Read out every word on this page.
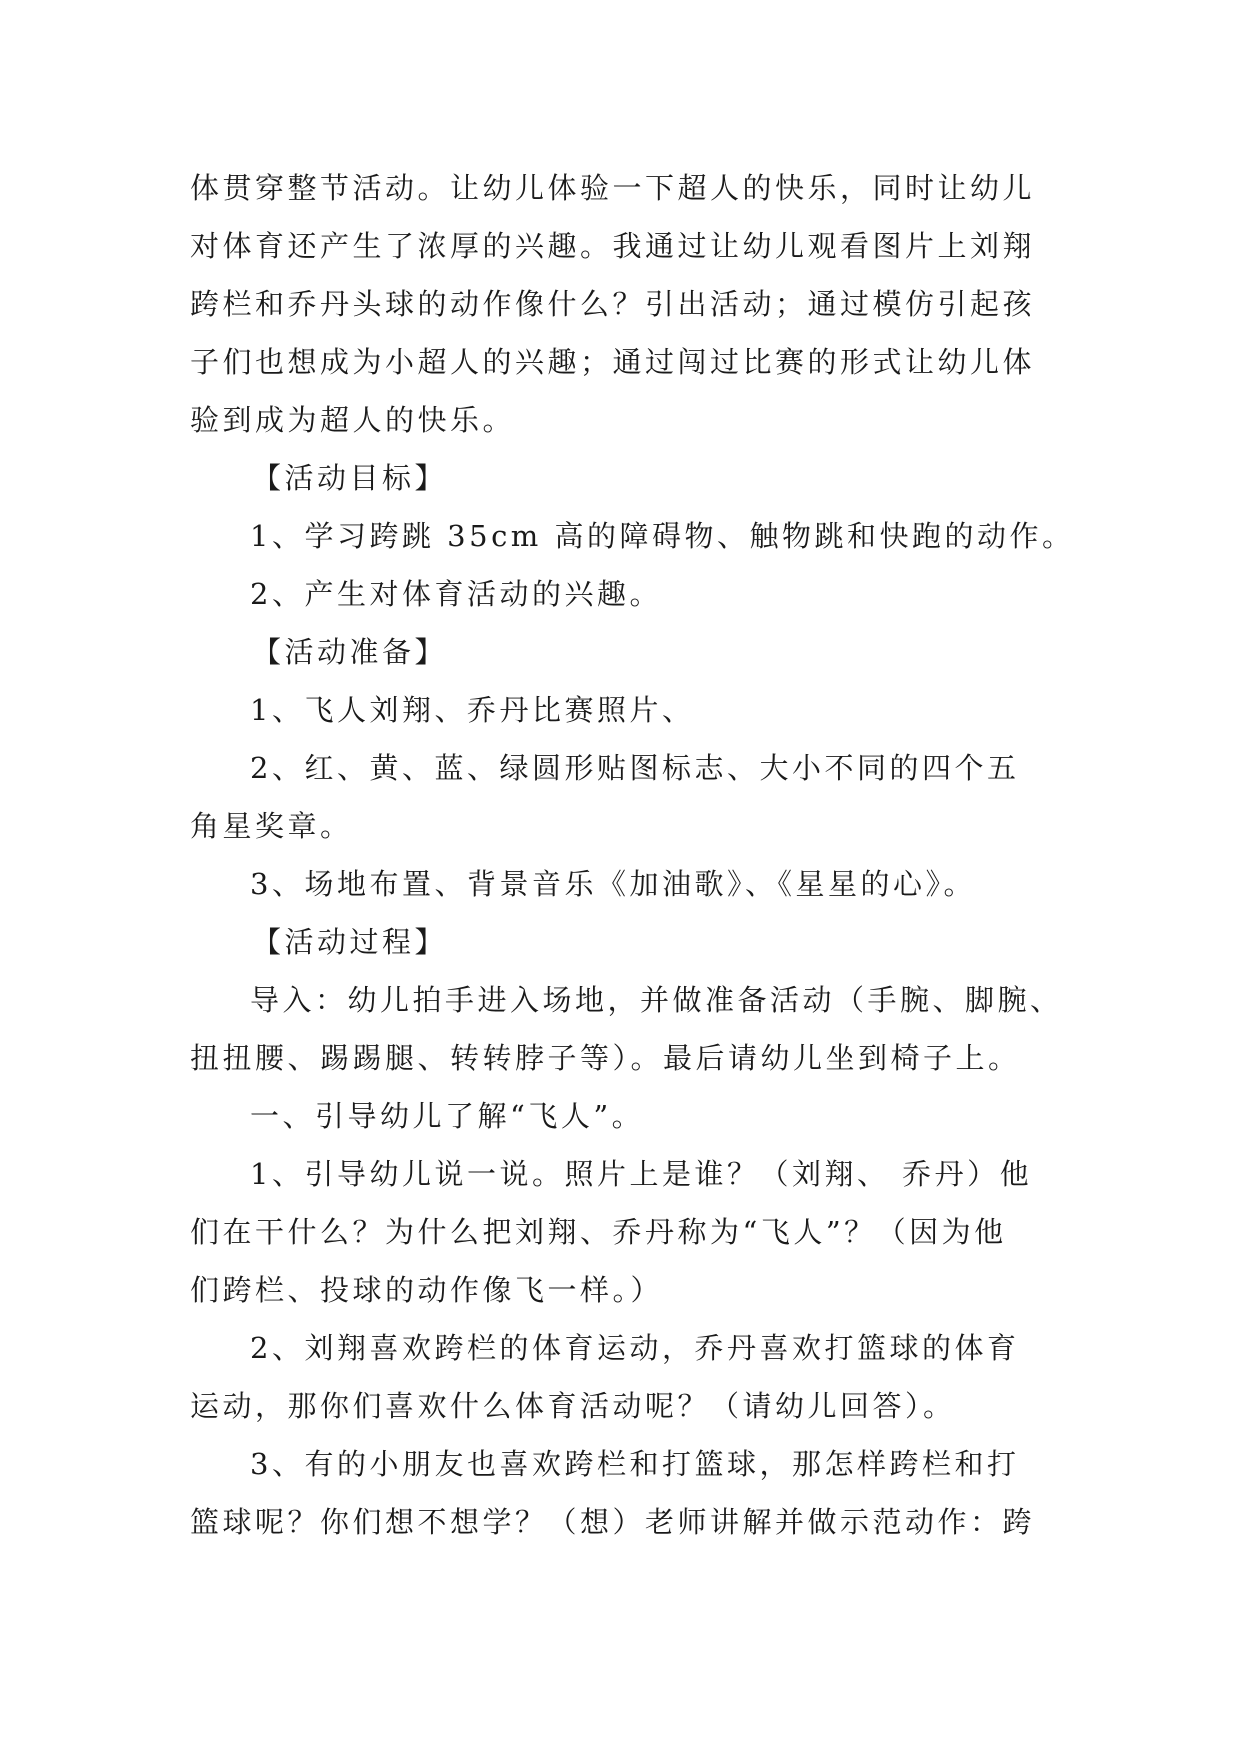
体贯穿整节活动。让幼儿体验一下超人的快乐，同时让幼儿
对体育还产生了浓厚的兴趣。我通过让幼儿观看图片上刘翔
跨栏和乔丹头球的动作像什么？引出活动；通过模仿引起孩
子们也想成为小超人的兴趣；通过闯过比赛的形式让幼儿体
验到成为超人的快乐。
【活动目标】
1、学习跨跳 35cm 高的障碍物、触物跳和快跑的动作。
2、产生对体育活动的兴趣。
【活动准备】
1、飞人刘翔、乔丹比赛照片、
2、红、黄、蓝、绿圆形贴图标志、大小不同的四个五
角星奖章。
3、场地布置、背景音乐《加油歌》、《星星的心》。
【活动过程】
导入：幼儿拍手进入场地，并做准备活动（手腕、脚腕、
扭扭腰、踢踢腿、转转脖子等）。最后请幼儿坐到椅子上。
一、引导幼儿了解“飞人”。
1、引导幼儿说一说。照片上是谁？（刘翔、 乔丹）他
们在干什么？为什么把刘翔、乔丹称为“飞人”？（因为他
们跨栏、投球的动作像飞一样。）
2、刘翔喜欢跨栏的体育运动，乔丹喜欢打篮球的体育
运动，那你们喜欢什么体育活动呢？（请幼儿回答）。
3、有的小朋友也喜欢跨栏和打篮球，那怎样跨栏和打
篮球呢？你们想不想学？（想）老师讲解并做示范动作：跨
